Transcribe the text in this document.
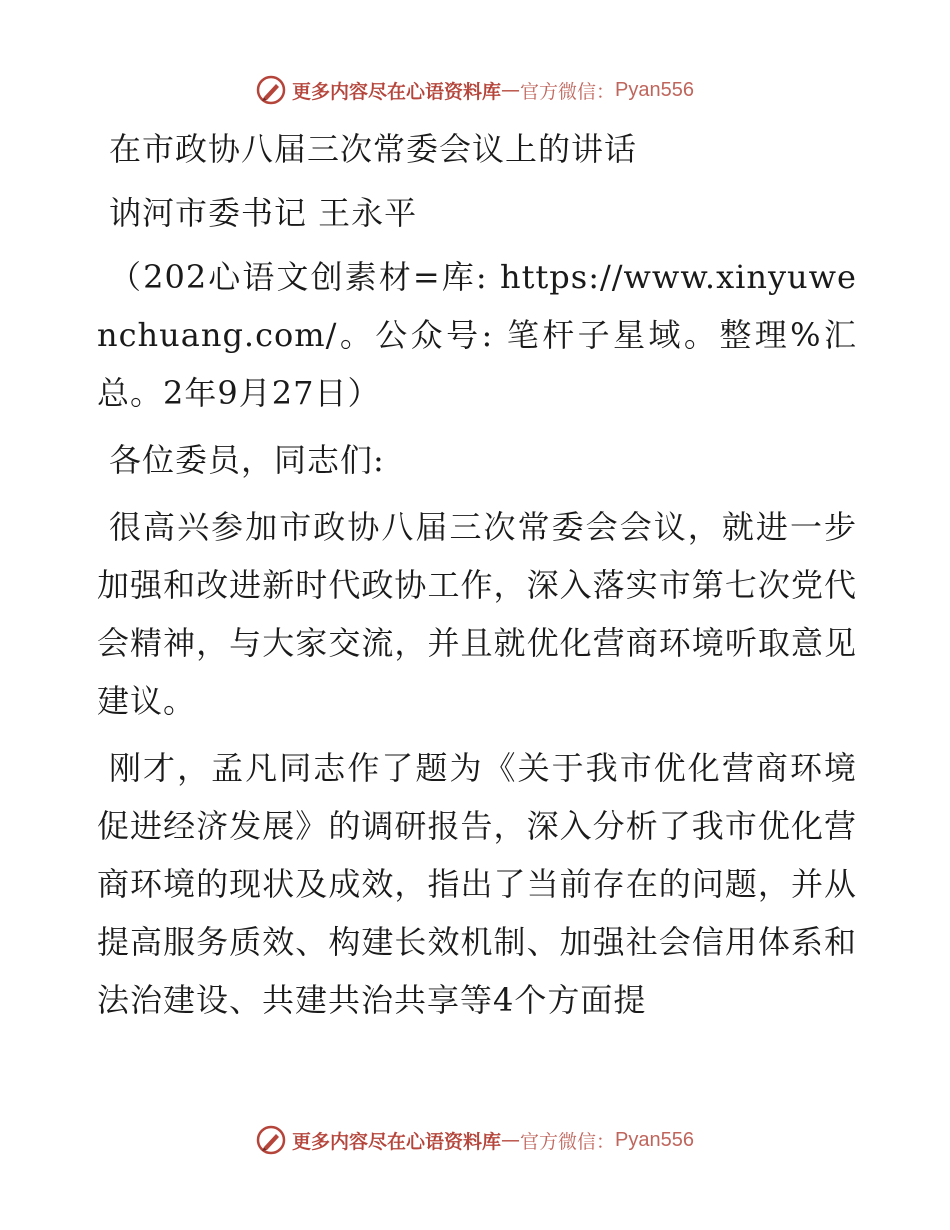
更多内容尽在心语资料库 — 官方微信： Pyan556

在市政协八届三次常委会议上的讲话

讷河市委书记 王永平

（202心语文创素材=库: https://www.xinyuwenchuang.com/。公众号: 笔杆子星域。整理%汇总。2年9月27日）

各位委员，同志们:

很高兴参加市政协八届三次常委会会议，就进一步加强和改进新时代政协工作，深入落实市第七次党代会精神，与大家交流，并且就优化营商环境听取意见建议。

刚才，孟凡同志作了题为《关于我市优化营商环境 促进经济发展》的调研报告，深入分析了我市优化营商环境的现状及成效，指出了当前存在的问题，并从提高服务质效、构建长效机制、加强社会信用体系和法治建设、共建共治共享等4个方面提

更多内容尽在心语资料库 — 官方微信： Pyan556
